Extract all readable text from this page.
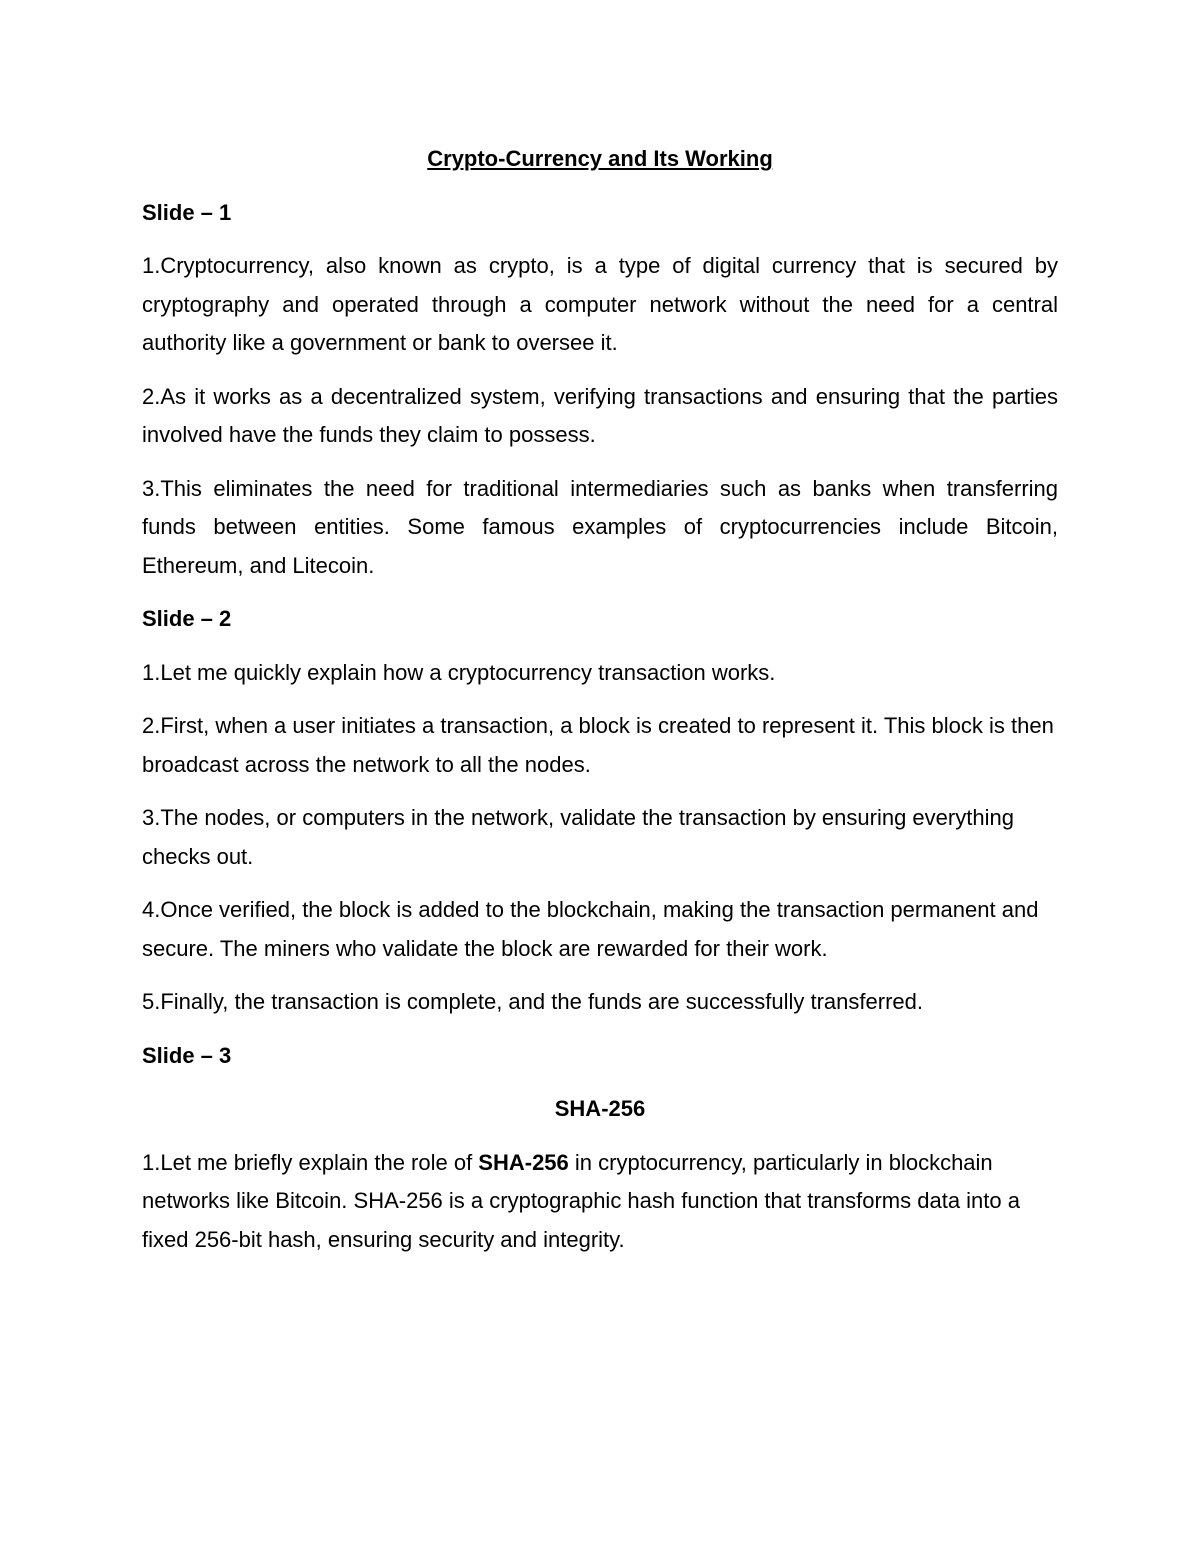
Crypto-Currency and Its Working
Slide – 1
1.Cryptocurrency, also known as crypto, is a type of digital currency that is secured by cryptography and operated through a computer network without the need for a central authority like a government or bank to oversee it.
2.As it works as a decentralized system, verifying transactions and ensuring that the parties involved have the funds they claim to possess.
3.This eliminates the need for traditional intermediaries such as banks when transferring funds between entities. Some famous examples of cryptocurrencies include Bitcoin, Ethereum, and Litecoin.
Slide – 2
1.Let me quickly explain how a cryptocurrency transaction works.
2.First, when a user initiates a transaction, a block is created to represent it. This block is then broadcast across the network to all the nodes.
3.The nodes, or computers in the network, validate the transaction by ensuring everything checks out.
4.Once verified, the block is added to the blockchain, making the transaction permanent and secure. The miners who validate the block are rewarded for their work.
5.Finally, the transaction is complete, and the funds are successfully transferred.
Slide – 3
SHA-256
1.Let me briefly explain the role of SHA-256 in cryptocurrency, particularly in blockchain networks like Bitcoin. SHA-256 is a cryptographic hash function that transforms data into a fixed 256-bit hash, ensuring security and integrity.
